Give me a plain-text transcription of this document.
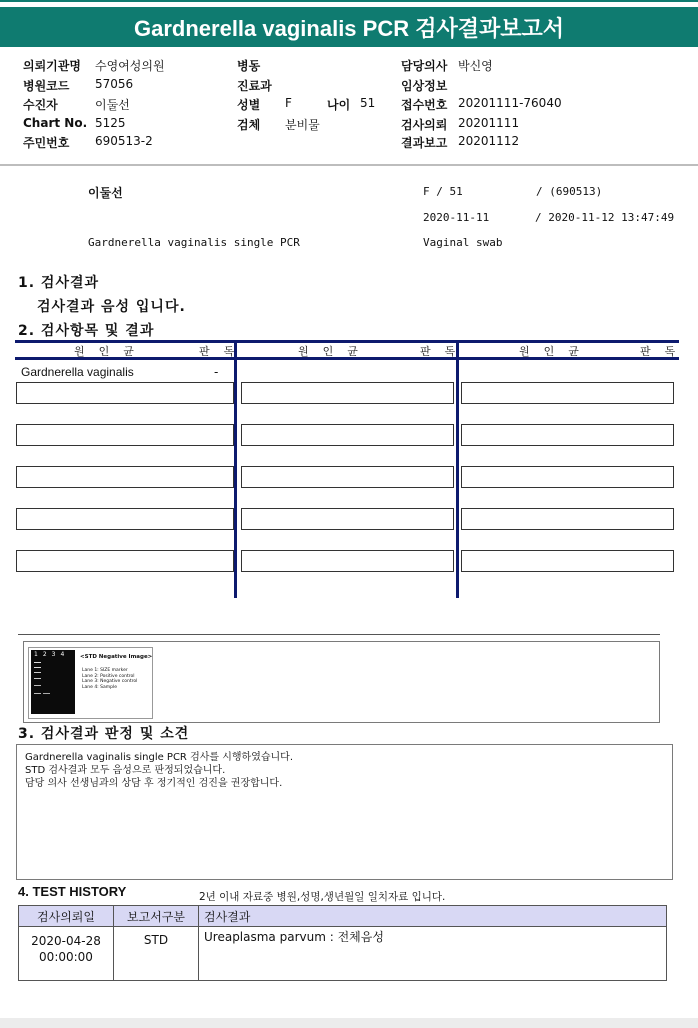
Gardnerella vaginalis PCR 검사결과보고서
의뢰기관명 수영여성의원
병원코드 57056
수진자	이둘선
Chart No. 5125
주민번호 690513-2
병동
진료과
성별 F	나이 51
검체 분비물
담당의사 박신영
임상정보
접수번호 20201111-76040
검사의뢰 20201111
결과보고 20201112
이둘선	F / 51	/ (690513)
2020-11-11	/ 2020-11-12 13:47:49
Gardnerella vaginalis single PCR	Vaginal swab
1. 검사결과
검사결과 음성 입니다.
2. 검사항목 및 결과
원인균	판독	원인균	판독	원인균	판독
Gardnerella vaginalis	-
1234 <STD Negative Image>
Lane 1: SIZE marker
Lane 2: Positive control
Lane 3: Negative control
Lane 4: Sample
3. 검사결과 판정 및 소견
Gardnerella vaginalis single PCR 검사를 시행하였습니다.
STD 검사결과 모두 음성으로 판정되었습니다.
담당 의사 선생님과의 상담 후 정기적인 검진을 권장합니다.
4. TEST HISTORY	2년 이내 자료중 병원,성명,생년월일 일치자료 입니다.
검사의뢰일	보고서구분	검사결과

2020-04-28
00:00:00	STD	Ureaplasma parvum : 전체음성
